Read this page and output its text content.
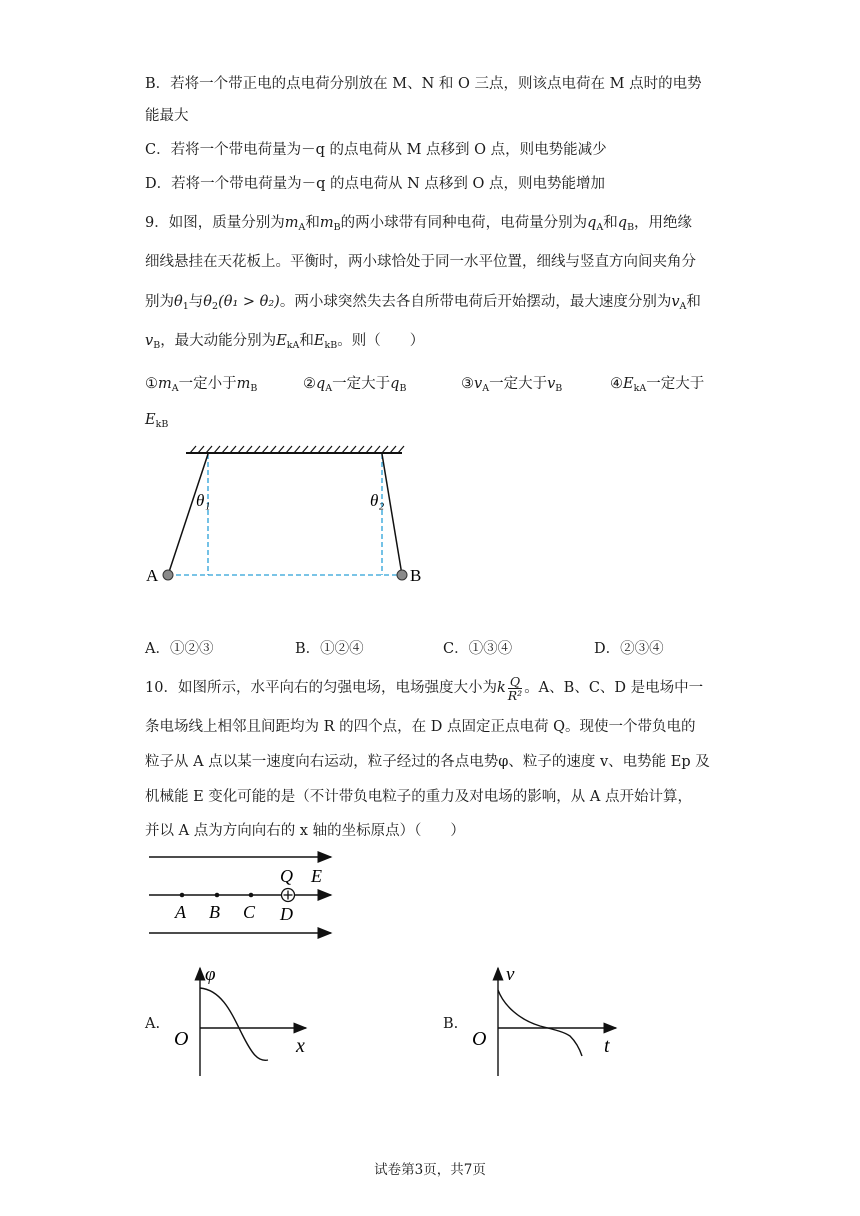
B．若将一个带正电的点电荷分别放在 M、N 和 O 三点，则该点电荷在 M 点时的电势
能最大
C．若将一个带电荷量为－q 的点电荷从 M 点移到 O 点，则电势能减少
D．若将一个带电荷量为－q 的点电荷从 N 点移到 O 点，则电势能增加
9．如图，质量分别为$m_A$和$m_B$的两小球带有同种电荷，电荷量分别为$q_A$和$q_B$，用绝缘
细线悬挂在天花板上。平衡时，两小球恰处于同一水平位置，细线与竖直方向间夹角分
别为$\theta_1$与$\theta_2(\theta_1 > \theta_2)$。两小球突然失去各自所带电荷后开始摆动，最大速度分别为$v_A$和
$v_B$，最大动能分别为$E_{kA}$和$E_{kB}$。则（　　）
$①m_A$一定小于$m_B$	$②q_A$一定大于$q_B$	$③v_A$一定大于$v_B$	$④E_{kA}$一定大于
$E_{kB}$
A	B
θ₁	θ₂
A．①②③	B．①②④	C．①③④	D．②③④
10．如图所示，水平向右的匀强电场，电场强度大小为k $\frac{Q}{\text{R²}}$ 。A、B、C、D 是电场中一
条电场线上相邻且间距均为 R 的四个点，在 D 点固定正点电荷 Q。现使一个带负电的
粒子从 A 点以某一速度向右运动，粒子经过的各点电势φ、粒子的速度 v、电势能 Ep 及
机械能 E 变化可能的是（不计带负电粒子的重力及对电场的影响，从 A 点开始计算，
并以 A 点为方向向右的 x 轴的坐标原点）（　　）
A B C D
Q E
A.
φ
O	x
B.
v
O	t
试卷第3页，共7页
